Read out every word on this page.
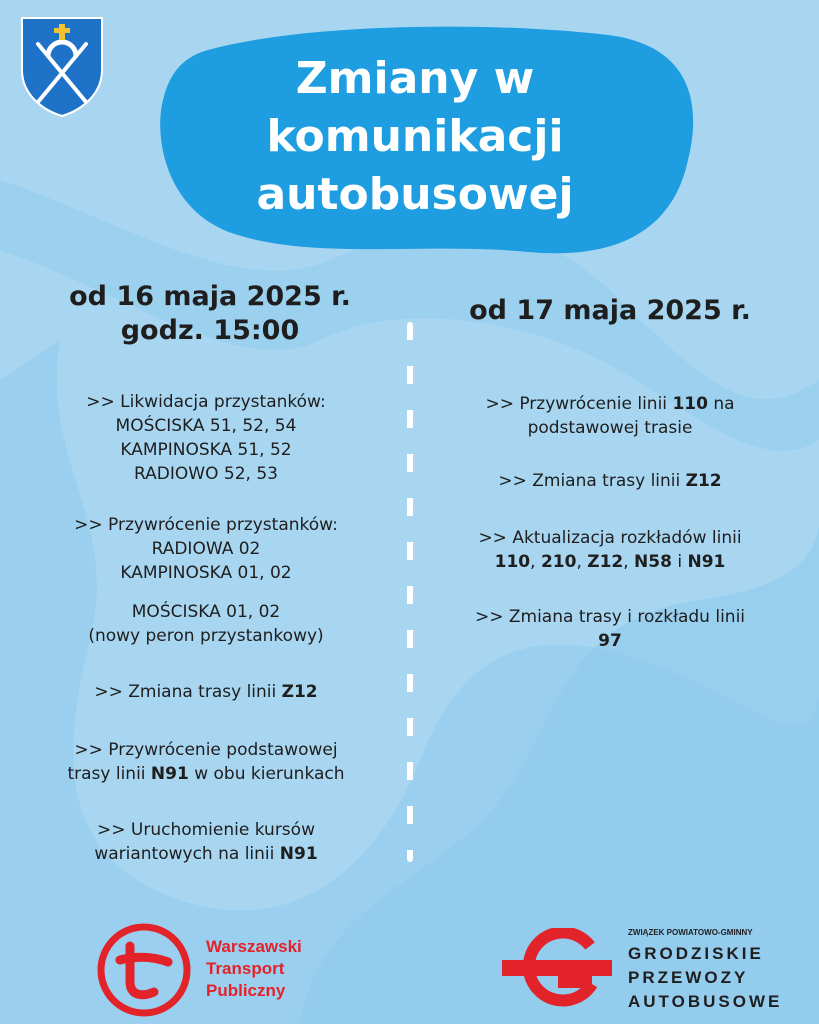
Zmiany w
komunikacji
autobusowej
od 16 maja 2025 r.
godz. 15:00
od 17 maja 2025 r.
>> Likwidacja przystanków:
MOŚCISKA 51, 52, 54
KAMPINOSKA 51, 52
RADIOWO 52, 53
>> Przywrócenie przystanków:
RADIOWA 02
KAMPINOSKA 01, 02
MOŚCISKA 01, 02
(nowy peron przystankowy)
>> Zmiana trasy linii Z12
>> Przywrócenie podstawowej
trasy linii N91 w obu kierunkach
>> Uruchomienie kursów
wariantowych na linii N91
>> Przywrócenie linii 110 na
podstawowej trasie
>> Zmiana trasy linii Z12
>> Aktualizacja rozkładów linii
110, 210, Z12, N58 i N91
>> Zmiana trasy i rozkładu linii
97
Warszawski
Transport
Publiczny
ZWIĄZEK POWIATOWO-GMINNY
GRODZISKIE
PRZEWOZY
AUTOBUSOWE
